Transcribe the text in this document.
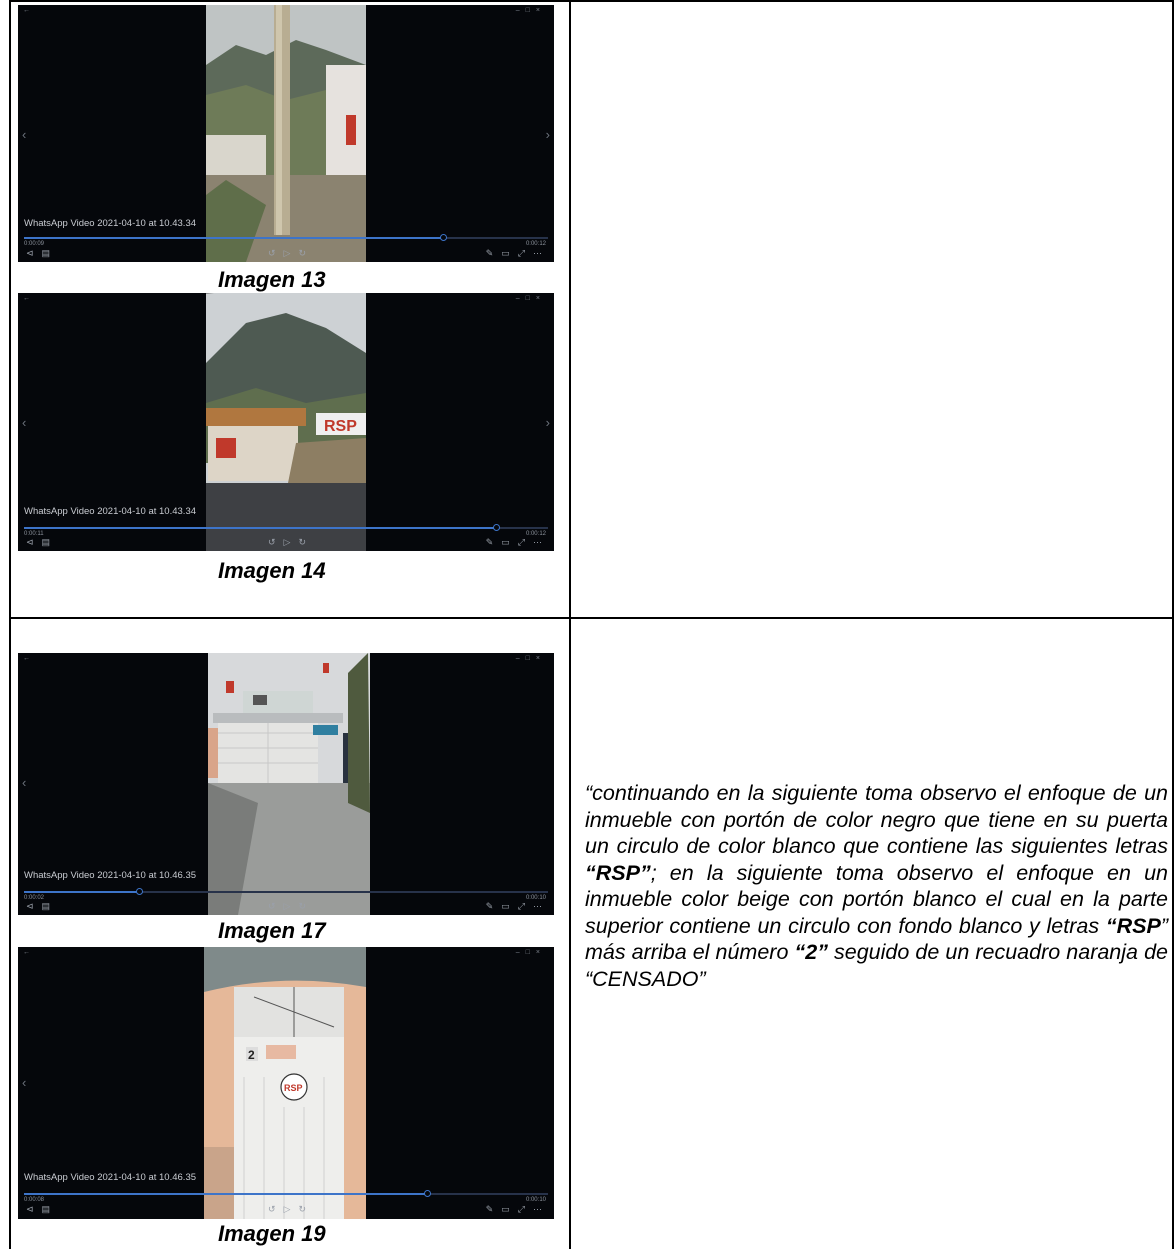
←	–□×
‹	›
WhatsApp Video 2021-04-10 at 10.43.34
0:00:09	0:00:12
⊲ ▤	↺ ▷ ↻	✎ ▭ ⤢ ⋯
Imagen 13
←	–□×
RSP
‹	›
WhatsApp Video 2021-04-10 at 10.43.34
0:00:11	0:00:12
⊲ ▤	↺ ▷ ↻	✎ ▭ ⤢ ⋯
Imagen 14
←	–□×
‹
WhatsApp Video 2021-04-10 at 10.46.35
0:00:02	0:00:10
⊲ ▤	↺ ▷ ↻	✎ ▭ ⤢ ⋯
Imagen 17
←	–□×
2
RSP
‹
WhatsApp Video 2021-04-10 at 10.46.35
0:00:08	0:00:10
⊲ ▤	↺ ▷ ↻	✎ ▭ ⤢ ⋯
Imagen 19
“continuando en la siguiente toma observo el enfoque de un inmueble con portón de color negro que tiene en su puerta un circulo de color blanco que contiene las siguientes letras “RSP”; en la siguiente toma observo el enfoque en un inmueble color beige con portón blanco el cual en la parte superior contiene un circulo con fondo blanco y letras “RSP” más arriba el número “2” seguido de un recuadro naranja de “CENSADO”
